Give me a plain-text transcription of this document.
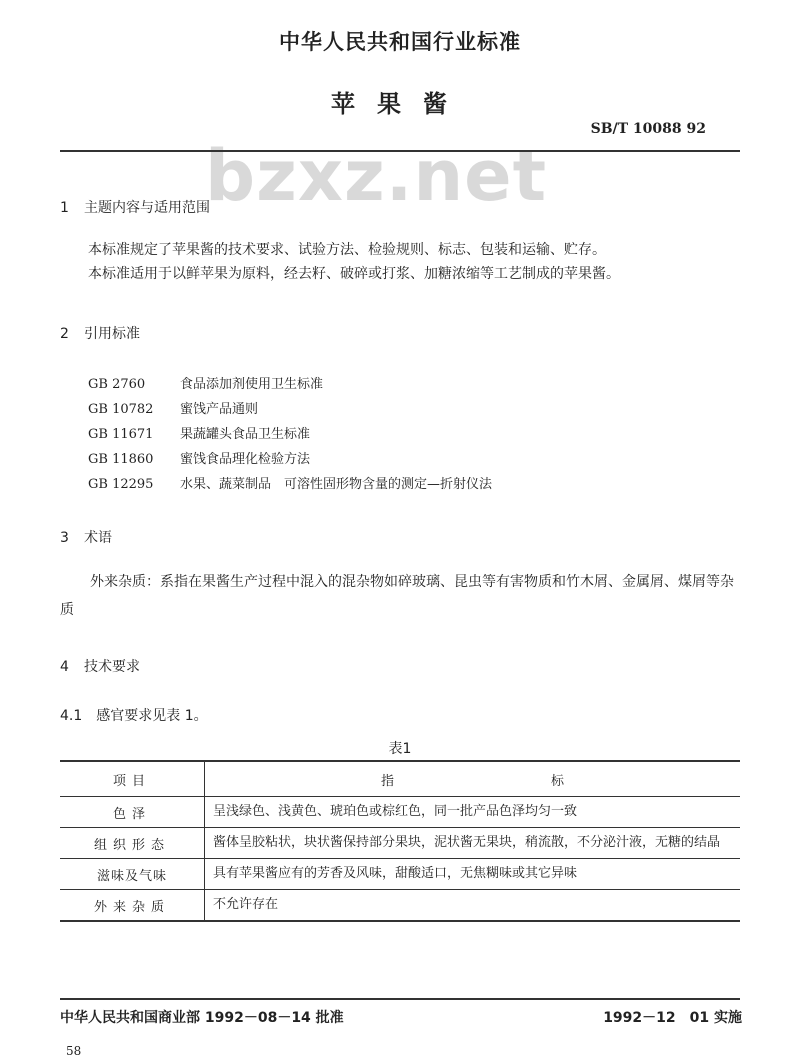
bzxz.net
中华人民共和国行业标准
苹果酱
SB/T 10088 92
1 主题内容与适用范围
本标准规定了苹果酱的技术要求、试验方法、检验规则、标志、包装和运输、贮存。
本标准适用于以鲜苹果为原料，经去籽、破碎或打浆、加糖浓缩等工艺制成的苹果酱。
2 引用标准
GB 2760	食品添加剂使用卫生标准
GB 10782 蜜饯产品通则
GB 11671 果蔬罐头食品卫生标准
GB 11860 蜜饯食品理化检验方法
GB 12295 水果、蔬菜制品　可溶性固形物含量的测定—折射仪法
3 术语
外来杂质：系指在果酱生产过程中混入的混杂物如碎玻璃、昆虫等有害物质和竹木屑、金属屑、煤屑等杂质
4 技术要求
4.1　感官要求见表 1。
表1
项目	指 标
色泽	呈浅绿色、浅黄色、琥珀色或棕红色，同一批产品色泽均匀一致
组织形态	酱体呈胶粘状，块状酱保持部分果块，泥状酱无果块，稍流散，不分泌汁液，无糖的结晶
滋味及气味	具有苹果酱应有的芳香及风味，甜酸适口，无焦糊味或其它异味
外来杂质	不允许存在
中华人民共和国商业部 1992－08－14 批准	1992－12　01 实施
58
